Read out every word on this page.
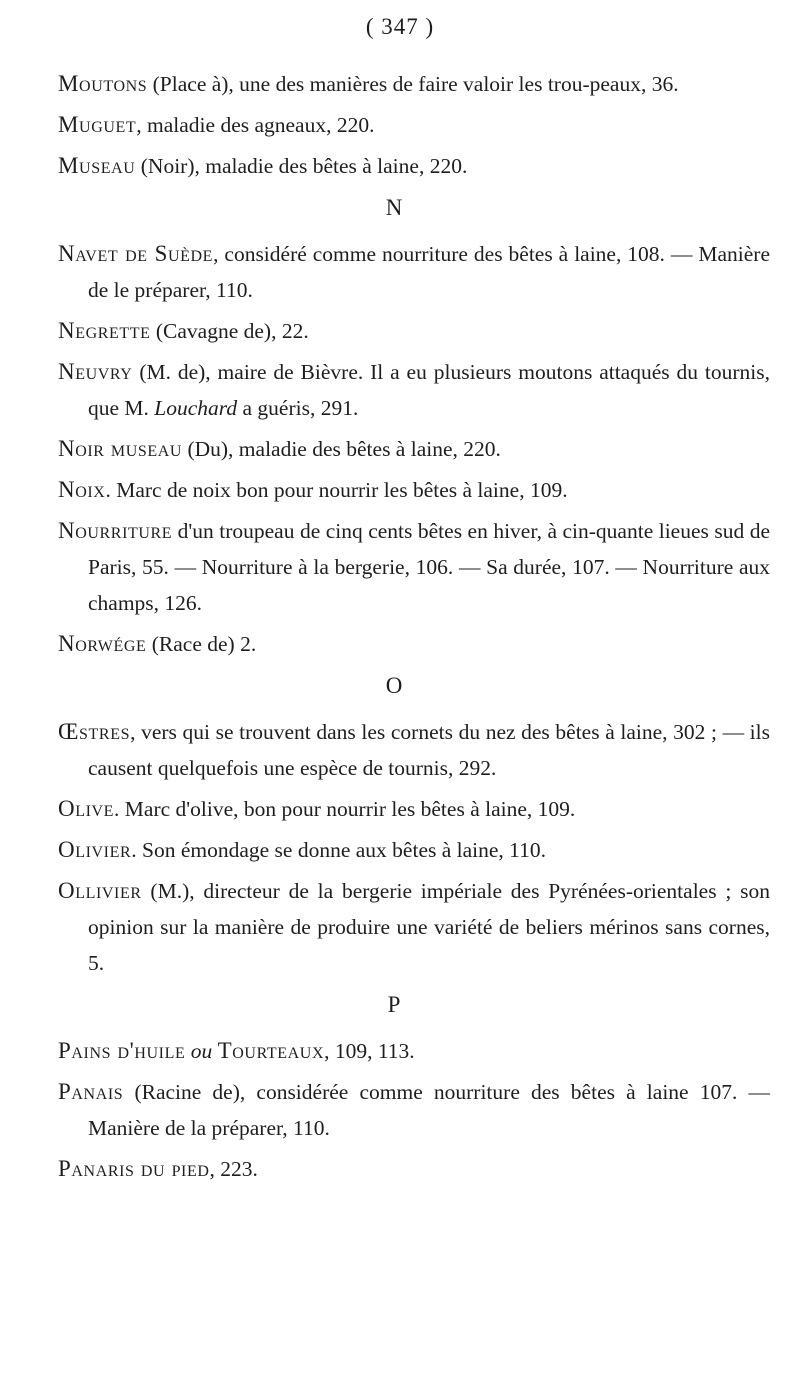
( 347 )

Moutons (Place à), une des manières de faire valoir les trou-peaux, 36.

Muguet, maladie des agneaux, 220.

Museau (Noir), maladie des bêtes à laine, 220.

N

Navet de Suède, considéré comme nourriture des bêtes à laine, 108. — Manière de le préparer, 110.

Negrette (Cavagne de), 22.

Neuvry (M. de), maire de Bièvre. Il a eu plusieurs moutons attaqués du tournis, que M. Louchard a guéris, 291.

Noir museau (Du), maladie des bêtes à laine, 220.

Noix. Marc de noix bon pour nourrir les bêtes à laine, 109.

Nourriture d'un troupeau de cinq cents bêtes en hiver, à cin-quante lieues sud de Paris, 55. — Nourriture à la bergerie, 106. — Sa durée, 107. — Nourriture aux champs, 126.

Norwége (Race de) 2.

O

Œstres, vers qui se trouvent dans les cornets du nez des bêtes à laine, 302 ; — ils causent quelquefois une espèce de tournis, 292.

Olive. Marc d'olive, bon pour nourrir les bêtes à laine, 109.

Olivier. Son émondage se donne aux bêtes à laine, 110.

Ollivier (M.), directeur de la bergerie impériale des Pyrénées-orientales ; son opinion sur la manière de produire une variété de beliers mérinos sans cornes, 5.

P

Pains d'huile ou Tourteaux, 109, 113.

Panais (Racine de), considérée comme nourriture des bêtes à laine 107. — Manière de la préparer, 110.

Panaris du pied, 223.
